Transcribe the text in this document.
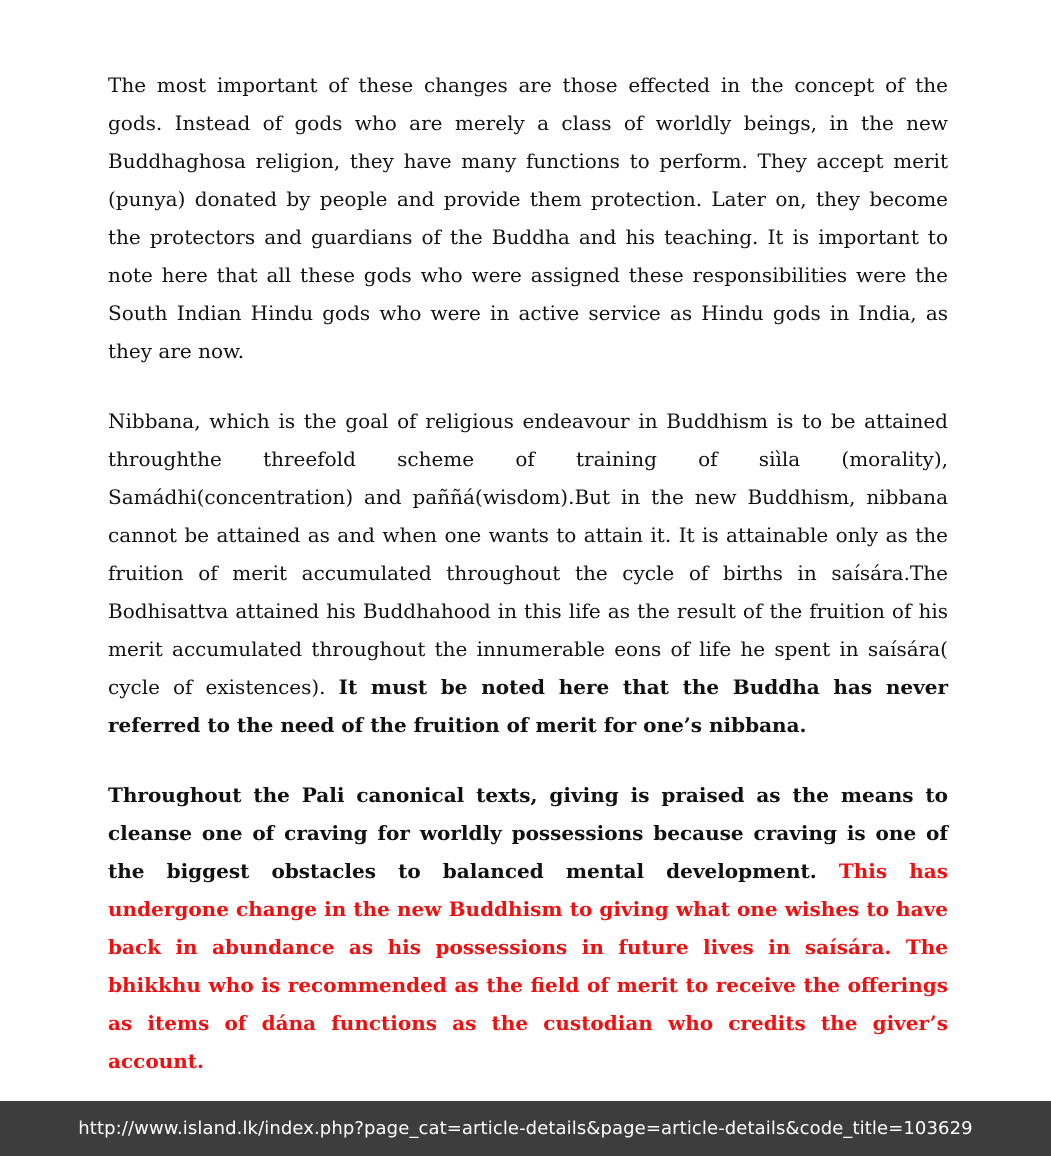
The most important of these changes are those effected in the concept of the gods. Instead of gods who are merely a class of worldly beings, in the new Buddhaghosa religion, they have many functions to perform. They accept merit (punya) donated by people and provide them protection. Later on, they become the protectors and guardians of the Buddha and his teaching. It is important to note here that all these gods who were assigned these responsibilities were the South Indian Hindu gods who were in active service as Hindu gods in India, as they are now.

Nibbana, which is the goal of religious endeavour in Buddhism is to be attained throughthe threefold scheme of training of siìla (morality), Samádhi(concentration) and paññá(wisdom).But in the new Buddhism, nibbana cannot be attained as and when one wants to attain it. It is attainable only as the fruition of merit accumulated throughout the cycle of births in saísára.The Bodhisattva attained his Buddhahood in this life as the result of the fruition of his merit accumulated throughout the innumerable eons of life he spent in saísára( cycle of existences). It must be noted here that the Buddha has never referred to the need of the fruition of merit for one’s nibbana.

Throughout the Pali canonical texts, giving is praised as the means to cleanse one of craving for worldly possessions because craving is one of the biggest obstacles to balanced mental development. This has undergone change in the new Buddhism to giving what one wishes to have back in abundance as his possessions in future lives in saísára. The bhikkhu who is recommended as the field of merit to receive the offerings as items of dána functions as the custodian who credits the giver’s account.

http://www.island.lk/index.php?page_cat=article-details&page=article-details&code_title=103629
